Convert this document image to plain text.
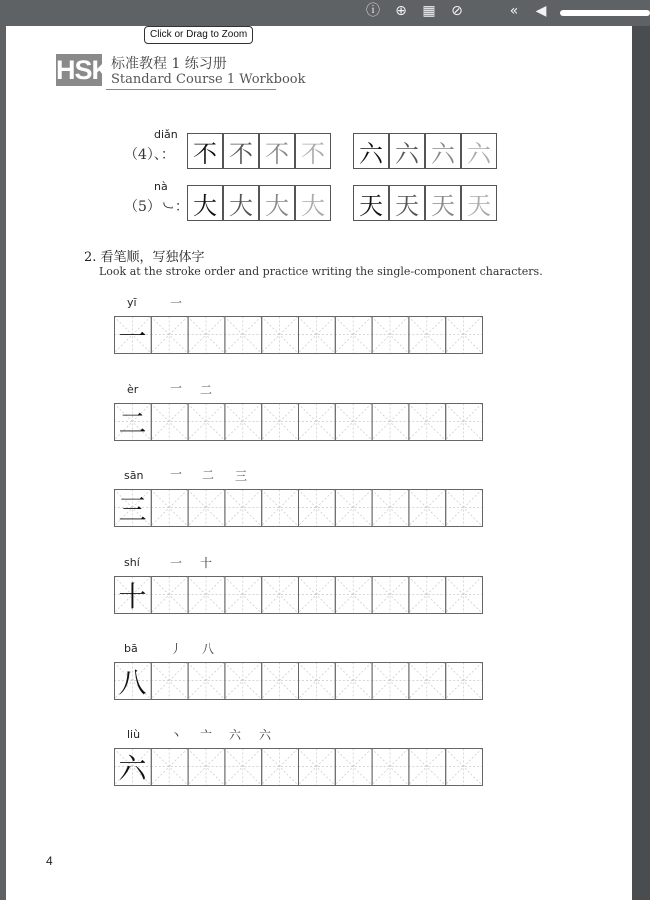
ⓘ ⊕ ▦ ⊘	«	◀
Click or Drag to Zoom
HSK 标准教程 1 练习册
Standard Course 1 Workbook
diǎn
（4）、： 不 不 不 不 六 六 六 六
nà
（5）㇃： 大 大 大 大 天 天 天 天
2. 看笔顺，写独体字
Look at the stroke order and practice writing the single-component characters.
yī	一
一
èr	一 二
二
sān 一 二 三
三
shí	一 十
十
bā	丿 八
八
liù 丶 亠 六 六
六
4
